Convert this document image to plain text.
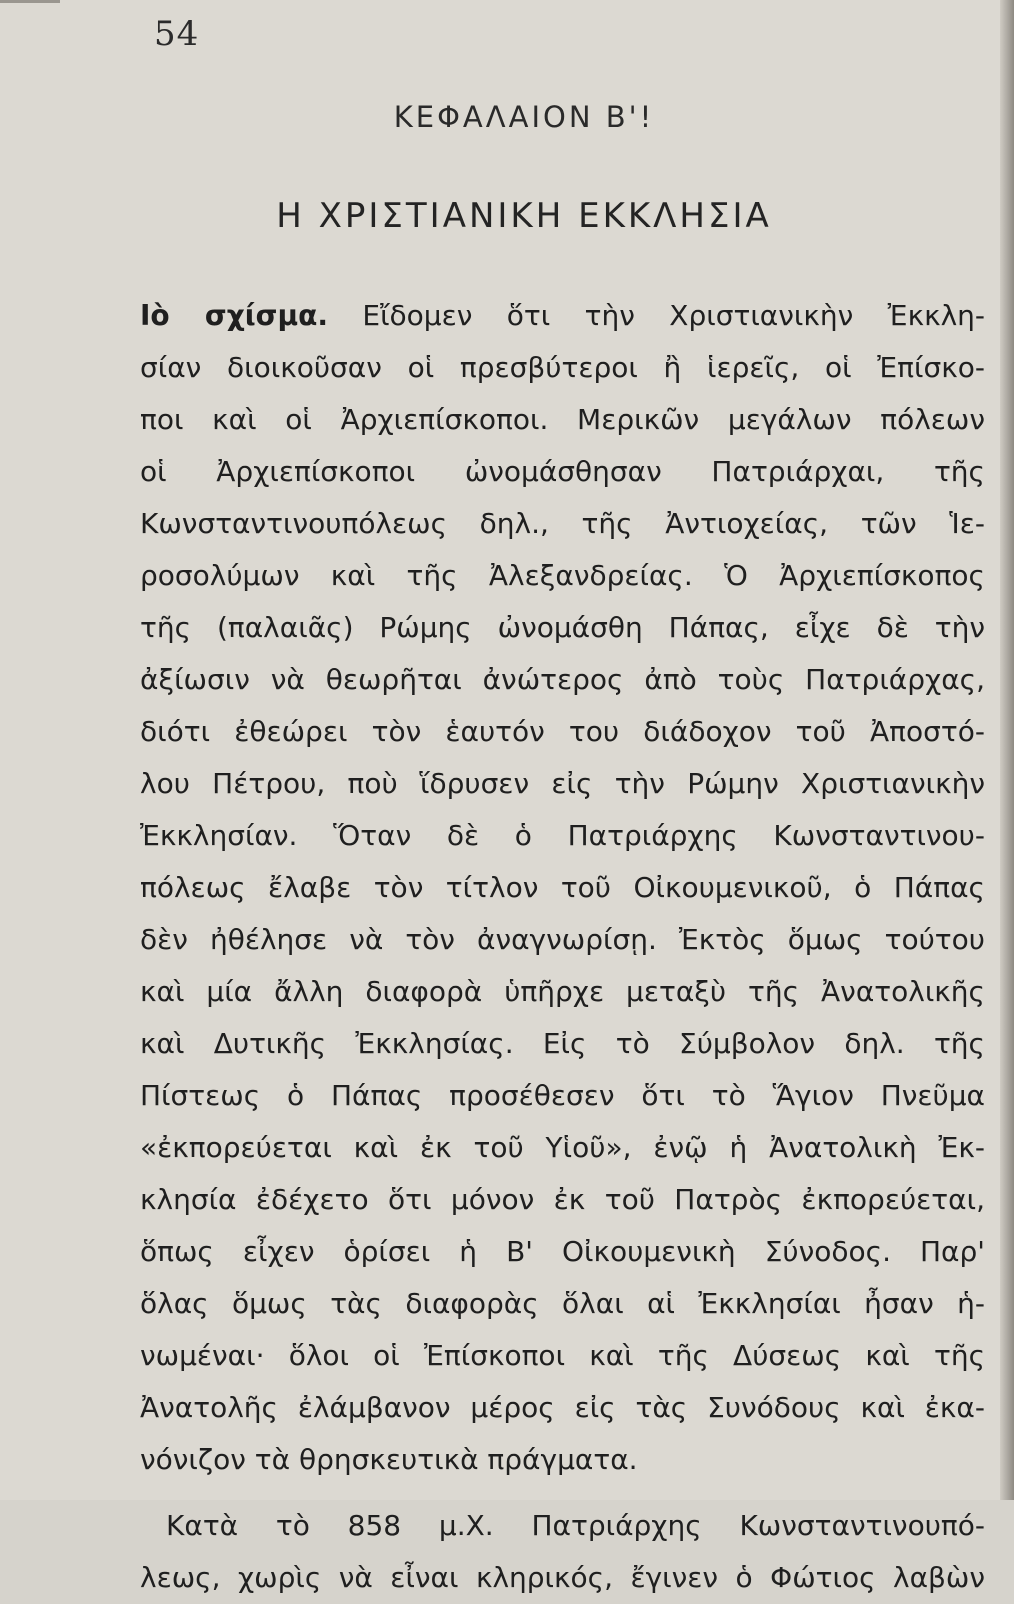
54
ΚΕΦΑΛΑΙΟΝ Β'!
Η ΧΡΙΣΤΙΑΝΙΚΗ ΕΚΚΛΗΣΙΑ
Ιὸ σχίσμα. Εἴδομεν ὅτι τὴν Χριστιανικὴν Ἐκκλη-
σίαν διοικοῦσαν οἱ πρεσβύτεροι ἢ ἱερεῖς, οἱ Ἐπίσκο-
ποι καὶ οἱ Ἀρχιεπίσκοποι. Μερικῶν μεγάλων πόλεων
οἱ Ἀρχιεπίσκοποι ὠνομάσθησαν Πατριάρχαι, τῆς
Κωνσταντινουπόλεως δηλ., τῆς Ἀντιοχείας, τῶν Ἱε-
ροσολύμων καὶ τῆς Ἀλεξανδρείας. Ὁ Ἀρχιεπίσκοπος
τῆς (παλαιᾶς) Ρώμης ὠνομάσθη Πάπας, εἶχε δὲ τὴν
ἀξίωσιν νὰ θεωρῆται ἀνώτερος ἀπὸ τοὺς Πατριάρχας,
διότι ἐθεώρει τὸν ἑαυτόν του διάδοχον τοῦ Ἀποστό-
λου Πέτρου, ποὺ ἵδρυσεν εἰς τὴν Ρώμην Χριστιανικὴν
Ἐκκλησίαν. Ὅταν δὲ ὁ Πατριάρχης Κωνσταντινου-
πόλεως ἔλαβε τὸν τίτλον τοῦ Οἰκουμενικοῦ, ὁ Πάπας
δὲν ἠθέλησε νὰ τὸν ἀναγνωρίσῃ. Ἐκτὸς ὅμως τούτου
καὶ μία ἄλλη διαφορὰ ὑπῆρχε μεταξὺ τῆς Ἀνατολικῆς
καὶ Δυτικῆς Ἐκκλησίας. Εἰς τὸ Σύμβολον δηλ. τῆς
Πίστεως ὁ Πάπας προσέθεσεν ὅτι τὸ Ἅγιον Πνεῦμα
«ἐκπορεύεται καὶ ἐκ τοῦ Υἱοῦ», ἐνῷ ἡ Ἀνατολικὴ Ἐκ-
κλησία ἐδέχετο ὅτι μόνον ἐκ τοῦ Πατρὸς ἐκπορεύεται,
ὅπως εἶχεν ὁρίσει ἡ Β' Οἰκουμενικὴ Σύνοδος. Παρ'
ὅλας ὅμως τὰς διαφορὰς ὅλαι αἱ Ἐκκλησίαι ἦσαν ἡ-
νωμέναι· ὅλοι οἱ Ἐπίσκοποι καὶ τῆς Δύσεως καὶ τῆς
Ἀνατολῆς ἐλάμβανον μέρος εἰς τὰς Συνόδους καὶ ἐκα-
νόνιζον τὰ θρησκευτικὰ πράγματα.
Κατὰ τὸ 858 μ.Χ. Πατριάρχης Κωνσταντινουπό-
λεως, χωρὶς νὰ εἶναι κληρικός, ἔγινεν ὁ Φώτιος λαβὼν
